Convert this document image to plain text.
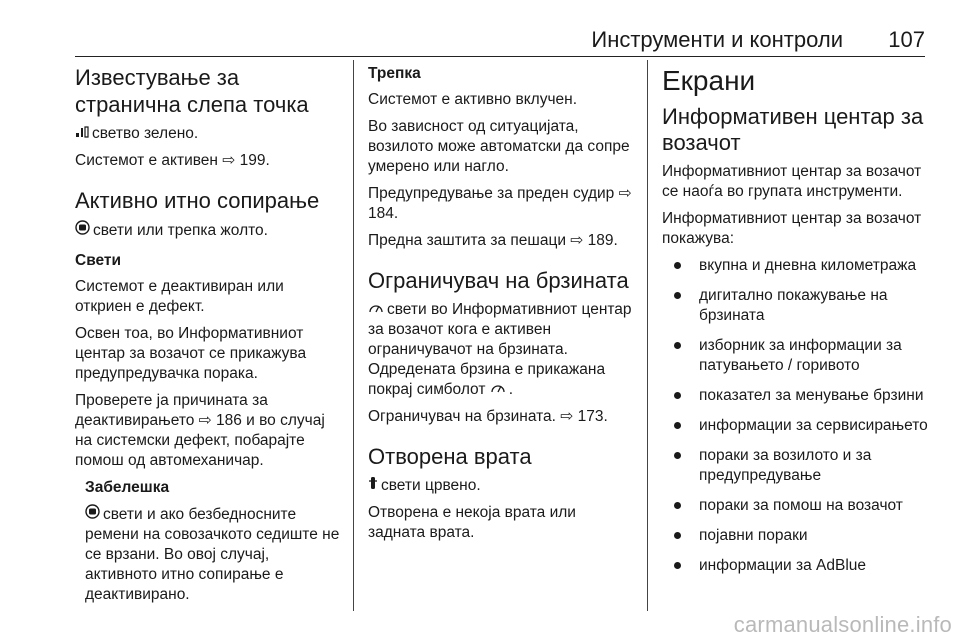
Инструменти и контроли 107
Известување за странична слепа точка

светво зелено.

Системот е активен ⇨ 199.

Активно итно сопирање

свети или трепка жолто.

Свети

Системот е деактивиран или откриен е дефект.

Освен тоа, во Информативниот центар за возачот се прикажува предупредувачка порака.

Проверете ја причината за деактивирањето ⇨ 186 и во случај на системски дефект, побарајте помош од автомеханичар.

Забелешка

свети и ако безбедносните ремени на совозачкото седиште не се врзани. Во овој случај, активното итно сопирање е деактивирано.

Трепка

Системот е активно вклучен.

Во зависност од ситуацијата, возилото може автоматски да сопре умерено или нагло.

Предупредување за преден судир ⇨ 184.

Предна заштита за пешаци ⇨ 189.

Ограничувач на брзината

свети во Информативниот центар за возачот кога е активен ограничувачот на брзината. Одредената брзина е прикажана покрај симболот .

Ограничувач на брзината. ⇨ 173.

Отворена врата

свети црвено.

Отворена е некоја врата или задната врата.

Екрани
Информативен центар за возачот

Информативниот центар за возачот се наоѓа во групата инструменти.

Информативниот центар за возачот покажува:

вкупна и дневна километража
дигитално покажување на брзината
изборник за информации за патувањето / горивото
показател за менување брзини
информации за сервисирањето
пораки за возилото и за предупредување
пораки за помош на возачот
појавни пораки
информации за AdBlue
carmanualsonline.info
